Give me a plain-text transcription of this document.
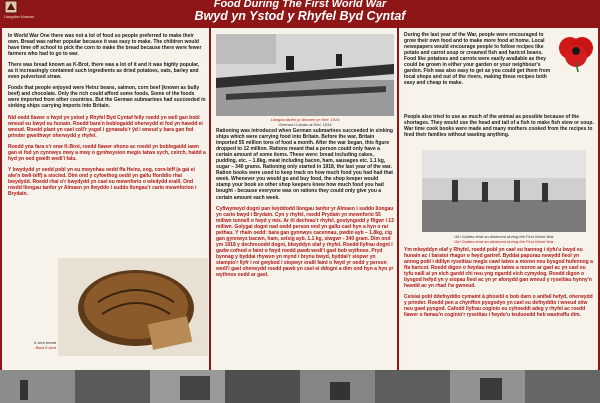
Llangollen Museum
Food During The First World War
Bwyd yn Ystod y Rhyfel Byd Cyntaf

In World War One there was not a lot of food so people preferred to make their own. Bread was rather popular because it was easy to make. The children would have time off school to pick the corn to make the bread because there were fewer farmers who had to go to war.

There was bread known as K-Brot, there was a lot of it and it was highly popular, as it increasingly contained such ingredients as dried potatoes, oats, barley and even pulverised straw.

Foods that people enjoyed were Heinz beans, salmon, corn beef (known as bully beef) and chocolate. Only the rich could afford some foods. Some of the foods were imported from other countries. But the German submarines had succeeded in sinking ships carrying imports into Britain.

Nid oedd llawer o fwyd yn ystod y Rhyfel Byd Cyntaf felly roedd yn well gan bobl wneud eu bwyd eu hunain. Roedd bara'n boblogaidd oherwydd ei fod yn hawdd ei wneud. Roedd plant yn cael coll'r ysgol i gynaeafu'r ŷd i wneud y bara gan fod prinder gweithwyr oherwydd y rhyfel.

Roedd yna fara o'r enw K-Brot, roedd llawer ohono ac roedd yn boblogaidd iawn gan ei fod yn cynnwys mwy a mwy o gynhwysion megis tatws sych, ceirch, haidd a hyd yn oed gwellt wedi'i falu.

Y bwydydd yr oedd pobl yn eu mwynhau oedd ffa Heinz, eog, corn-biff (a gai ei alw'n bwli-biff) a siocled. Dim ond y cyfoethog oedd yn gallu fforddio rhai bwydydd. Roedd rhai o'r bwydydd yn cael eu mewnforio o wledydd eraill. Ond roedd llongau tanfor yr Almaen yn llwyddo i suddo llongau'r cario mewnforion i Brydain.

K-brot bread
Bara K-brot
Llongau tanfor yr Almaen yn Kiel, 1914
German U-boats at Kiel, 1914

Rationing was introduced when German submarines succeeded in sinking ships which were carrying food into Britain. Before the war, Britain imported 55 million tons of food a month. After the war began, this figure dropped to 12 million. Rations meant that a person could only have a certain amount of some items. These were: bread including cakes, pudding, etc. – 1.8kg, meat including bacon, ham, sausages etc. 1.1 kg, sugar – 340 grams. Rationing only started in 1918, the last year of the war. Ration books were used to keep track on how much food you had had that week. Whenever you would go and buy food, the shop keeper would stamp your book so other shop keepers knew how much food you had bought - because everyone was on rations they could only give you a certain amount each week.

Cyflwynwyd dogni pan lwyddodd llongau tanfor yr Almaen i suddo llongau yn cario bwyd i Brydain. Cyn y rhyfel, roedd Prydain yn mewnforio 55 miliwn tunnell o fwyd y mis. Ar ôl dechrau'r rhyfel, gostyngodd y ffigwr i 12 miliwn. Golygai dogni nad oedd person ond yn gallu cael hyn a hyn o rai pethau. Y rhain oedd: bara gan gynnwys cacennau, pwdin ayb – 1.8kg, cig gan gynnwys bacwn, ham, selsig ayb. 1.1 kg, siwgwr - 340 gram. Dim ond ym 1918 y dechreuodd dogni, blwyddyn olaf y rhyfel. Roedd llyfrau dogni i gadw cofnod o faint o fwyd roedd pawb wedi'i gael bob wythnos. Pryd bynnag y byddai rhywun yn mynd i brynu bwyd, byddai'r siopwr yn stampio'r llyfr i roi gwybod i siopwyr eraill faint o fwyd yr oedd y person wedi'i gael oherwydd roedd pawb yn cael ei ddogni a dim ond hyn a hyn yr wythnos oedd ar gael.

During the last year of the War, people were encouraged to grow their own food and to make more food at home. Local newspapers would encourage people to follow recipes like potato and carrot soup or creamed fish and haricot beans. Food like potatoes and carrots were easily available as they could be grown in either your garden or your neighbour's garden. Fish was also easy to get as you could get them from local shops and out of the rivers, making these recipes both easy and cheap to make.

People also tried to use as much of the animal as possible because of the shortages. They would use the head and tail of a fish to make fish stew or soup. War time cook books were made and many mothers cooked from the recipes to feed their families without wasting anything.

Girl Guides tend an allotment during the First World War
Girl Guides tend an allotment during the First World War

Ym mlwyddyn olaf y Rhyfel, roedd pobl yn cael eu hannog i dyfu'u bwyd eu hunain ac i baratoi rhagor o fwyd gartref. Byddai papurau newydd lleol yn annog pobl i ddilyn ryseitiau megis cawl tatws a moron neu bysgod hufennog a ffa haricot. Roedd digon o fwydau megis tatws a moron ar gael ac yn cael eu tyfu naill ai yn eich gardd chi neu yng ngardd eich cymydog. Roedd digon o bysgod hefyd yn y siopau lleol ac yn yr afonydd gan wneud y ryseitiau hynny'n hawdd ac yn rhad i'w gwneud.

Ceisiai pobl ddefnyddio cymaint â phosibl o bob darn o anifail hefyd, oherwydd y prinder. Roedd pen a chynffon pysgodyn yn cael eu defnyddio i wneud stiw neu gawl pysgod. Cafodd llyfrau coginio eu cyhoeddi adeg y rhyfel ac roedd llawer o famau'n coginio'r ryseitiau i fwydo'u teuluoedd heb wastraffu dim.
